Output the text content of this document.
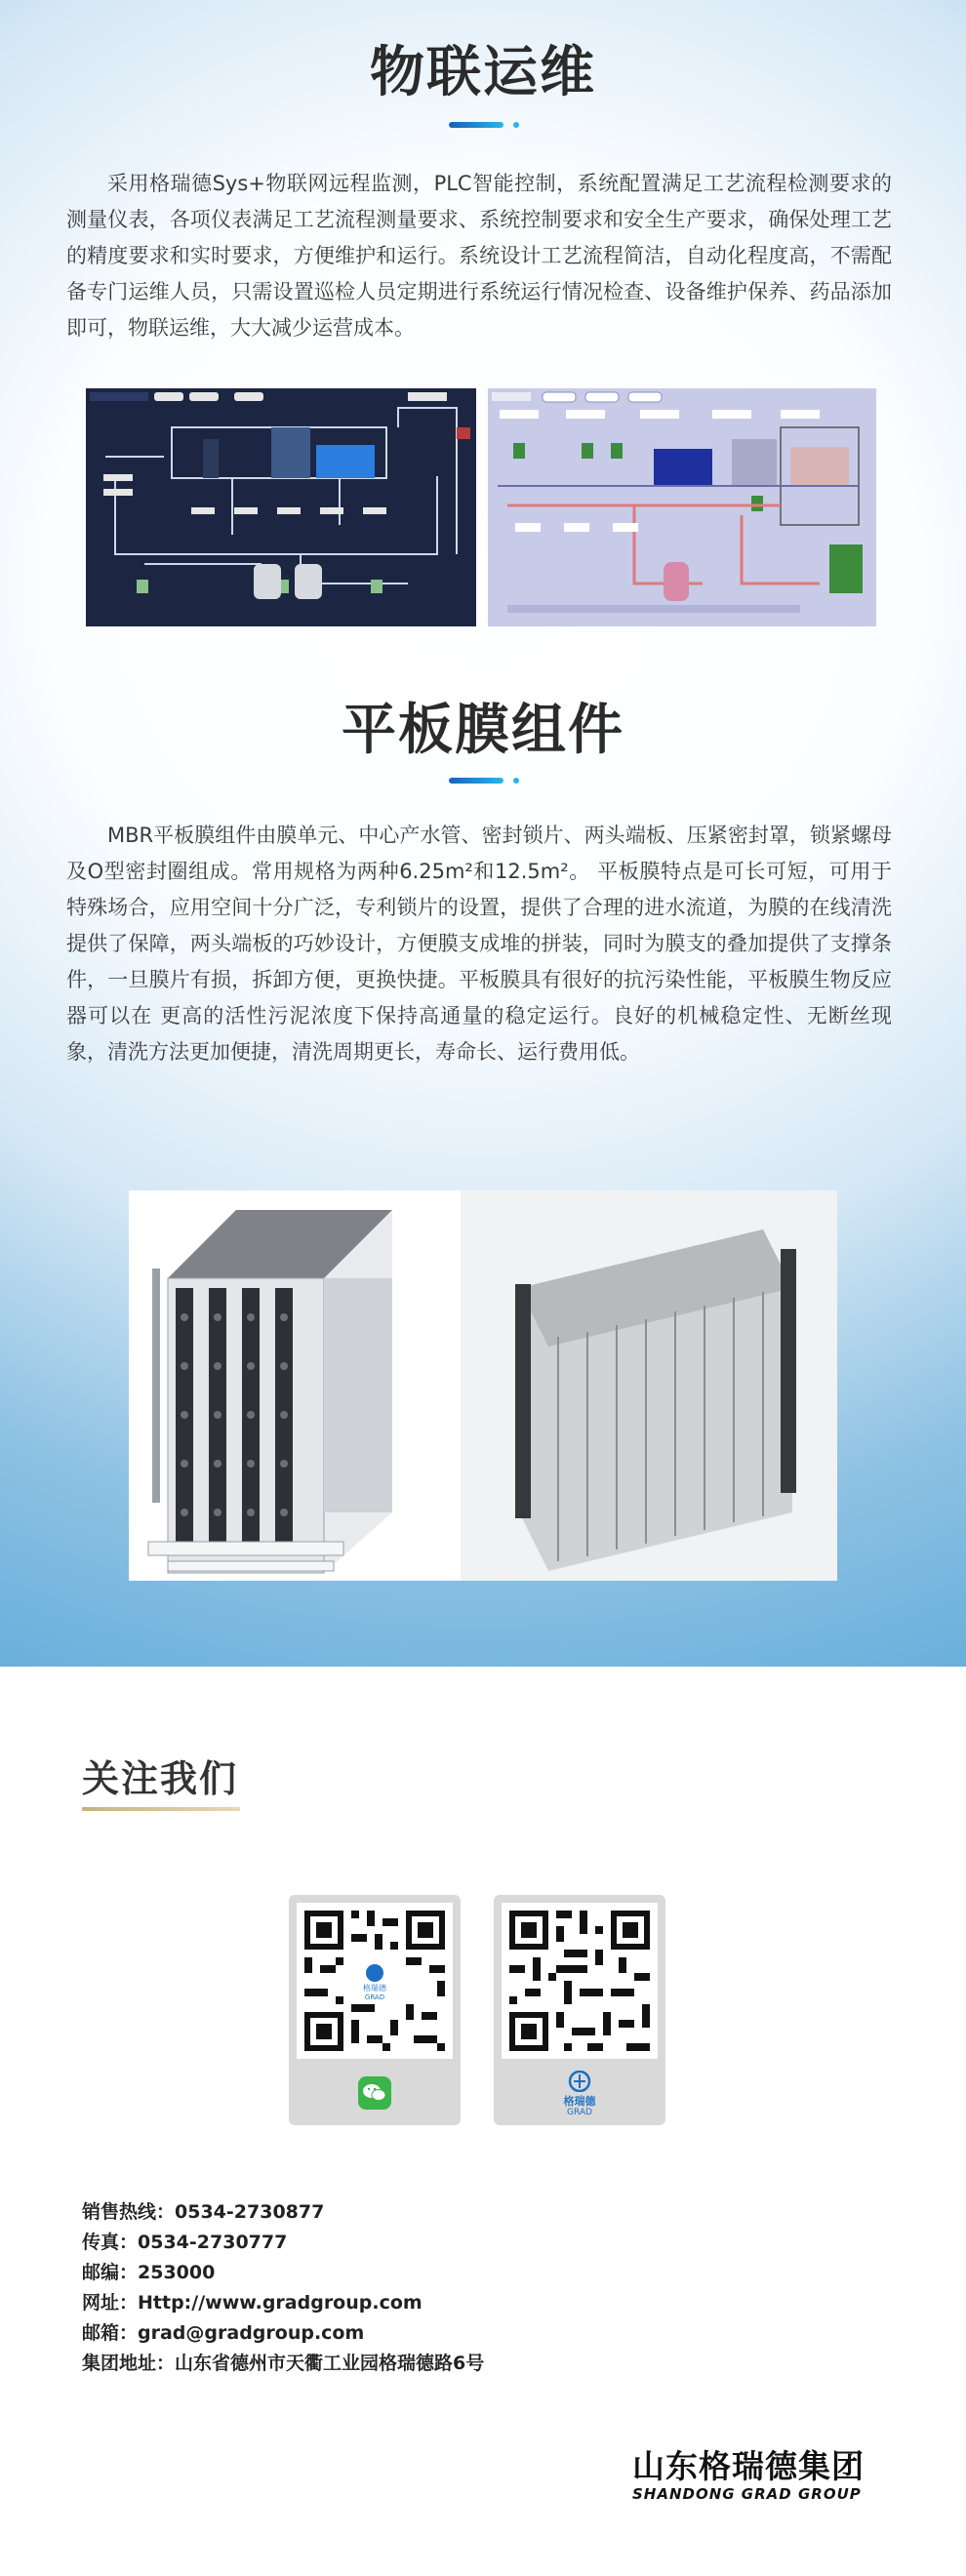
物联运维

采用格瑞德Sys+物联网远程监测，PLC智能控制，系统配置满足工艺流程检测要求的测量仪表，各项仪表满足工艺流程测量要求、系统控制要求和安全生产要求，确保处理工艺的精度要求和实时要求，方便维护和运行。系统设计工艺流程简洁，自动化程度高，不需配备专门运维人员，只需设置巡检人员定期进行系统运行情况检查、设备维护保养、药品添加即可，物联运维，大大减少运营成本。

平板膜组件

MBR平板膜组件由膜单元、中心产水管、密封锁片、两头端板、压紧密封罩，锁紧螺母及O型密封圈组成。常用规格为两种6.25m²和12.5m²。 平板膜特点是可长可短，可用于特殊场合，应用空间十分广泛，专利锁片的设置，提供了合理的进水流道，为膜的在线清洗提供了保障，两头端板的巧妙设计，方便膜支成堆的拼装，同时为膜支的叠加提供了支撑条件，一旦膜片有损，拆卸方便，更换快捷。平板膜具有很好的抗污染性能，平板膜生物反应器可以在 更高的活性污泥浓度下保持高通量的稳定运行。良好的机械稳定性、无断丝现象，清洗方法更加便捷，清洗周期更长，寿命长、运行费用低。

关注我们
格瑞德
GRAD
格瑞德
GRAD
销售热线：0534-2730877
传真：0534-2730777
邮编：253000
网址：Http://www.gradgroup.com
邮箱：grad@gradgroup.com
集团地址：山东省德州市天衢工业园格瑞德路6号
山东格瑞德集团
SHANDONG GRAD GROUP
